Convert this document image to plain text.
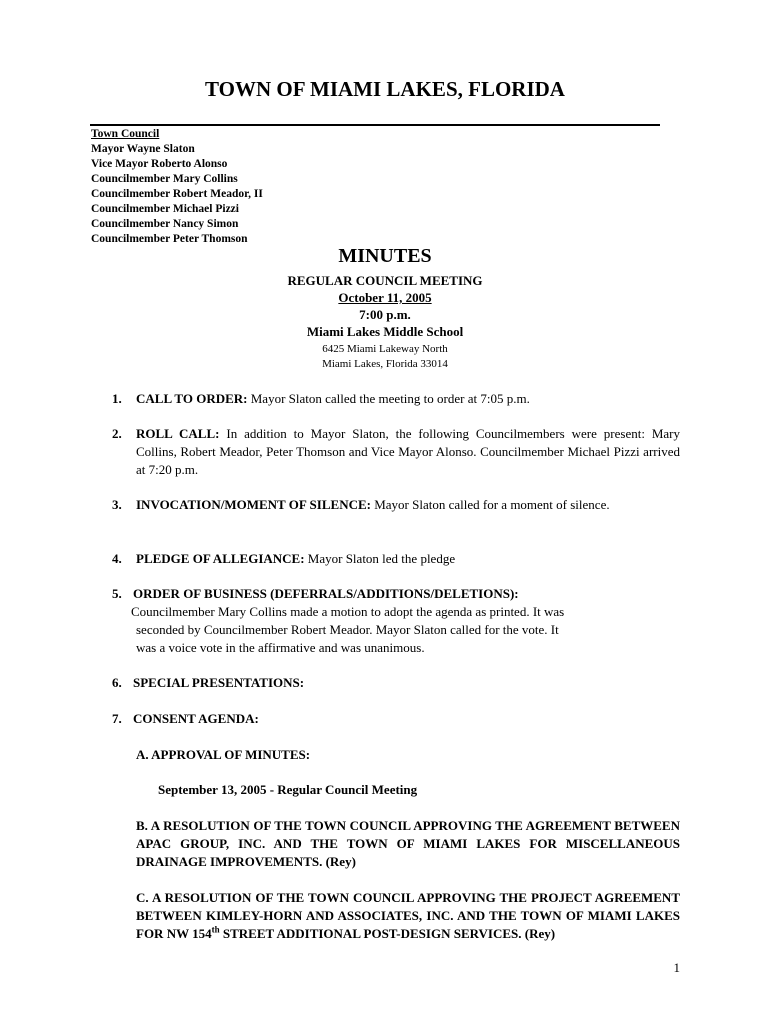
TOWN OF MIAMI LAKES, FLORIDA
Town Council
Mayor Wayne Slaton
Vice Mayor Roberto Alonso
Councilmember Mary Collins
Councilmember Robert Meador, II
Councilmember Michael Pizzi
Councilmember Nancy Simon
Councilmember Peter Thomson
MINUTES
REGULAR COUNCIL MEETING
October 11, 2005
7:00 p.m.
Miami Lakes Middle School
6425 Miami Lakeway North
Miami Lakes, Florida 33014
1. CALL TO ORDER: Mayor Slaton called the meeting to order at 7:05 p.m.
2. ROLL CALL: In addition to Mayor Slaton, the following Councilmembers were present: Mary Collins, Robert Meador, Peter Thomson and Vice Mayor Alonso. Councilmember Michael Pizzi arrived at 7:20 p.m.
3. INVOCATION/MOMENT OF SILENCE: Mayor Slaton called for a moment of silence.
4. PLEDGE OF ALLEGIANCE: Mayor Slaton led the pledge
5. ORDER OF BUSINESS (DEFERRALS/ADDITIONS/DELETIONS):
Councilmember Mary Collins made a motion to adopt the agenda as printed. It was
seconded by Councilmember Robert Meador. Mayor Slaton called for the vote. It
was a voice vote in the affirmative and was unanimous.
6. SPECIAL PRESENTATIONS:
7. CONSENT AGENDA:
A. APPROVAL OF MINUTES:
September 13, 2005 - Regular Council Meeting
B. A RESOLUTION OF THE TOWN COUNCIL APPROVING THE AGREEMENT BETWEEN APAC GROUP, INC. AND THE TOWN OF MIAMI LAKES FOR MISCELLANEOUS DRAINAGE IMPROVEMENTS. (Rey)
C. A RESOLUTION OF THE TOWN COUNCIL APPROVING THE PROJECT AGREEMENT BETWEEN KIMLEY-HORN AND ASSOCIATES, INC. AND THE TOWN OF MIAMI LAKES FOR NW 154th STREET ADDITIONAL POST-DESIGN SERVICES. (Rey)
1
